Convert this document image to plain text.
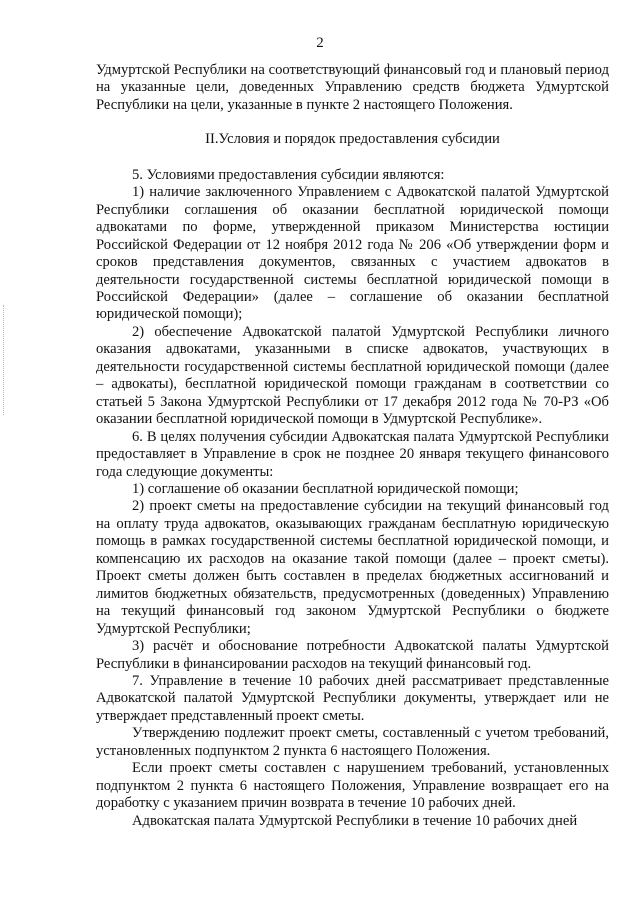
2

Удмуртской Республики на соответствующий финансовый год и плановый период на указанные цели, доведенных Управлению средств бюджета Удмуртской Республики на цели, указанные в пункте 2 настоящего Положения.

II.Условия и порядок предоставления субсидии

5. Условиями предоставления субсидии являются:

1) наличие заключенного Управлением с Адвокатской палатой Удмуртской Республики соглашения об оказании бесплатной юридической помощи адвокатами по форме, утвержденной приказом Министерства юстиции Российской Федерации от 12 ноября 2012 года № 206 «Об утверждении форм и сроков представления документов, связанных с участием адвокатов в деятельности государственной системы бесплатной юридической помощи в Российской Федерации» (далее – соглашение об оказании бесплатной юридической помощи);

2) обеспечение Адвокатской палатой Удмуртской Республики личного оказания адвокатами, указанными в списке адвокатов, участвующих в деятельности государственной системы бесплатной юридической помощи (далее – адвокаты), бесплатной юридической помощи гражданам в соответствии со статьей 5 Закона Удмуртской Республики от 17 декабря 2012 года № 70-РЗ «Об оказании бесплатной юридической помощи в Удмуртской Республике».

6. В целях получения субсидии Адвокатская палата Удмуртской Республики предоставляет в Управление в срок не позднее 20 января текущего финансового года следующие документы:

1) соглашение об оказании бесплатной юридической помощи;

2) проект сметы на предоставление субсидии на текущий финансовый год на оплату труда адвокатов, оказывающих гражданам бесплатную юридическую помощь в рамках государственной системы бесплатной юридической помощи, и компенсацию их расходов на оказание такой помощи (далее – проект сметы). Проект сметы должен быть составлен в пределах бюджетных ассигнований и лимитов бюджетных обязательств, предусмотренных (доведенных) Управлению на текущий финансовый год законом Удмуртской Республики о бюджете Удмуртской Республики;

3) расчёт и обоснование потребности Адвокатской палаты Удмуртской Республики в финансировании расходов на текущий финансовый год.

7. Управление в течение 10 рабочих дней рассматривает представленные Адвокатской палатой Удмуртской Республики документы, утверждает или не утверждает представленный проект сметы.

Утверждению подлежит проект сметы, составленный с учетом требований, установленных подпунктом 2 пункта 6 настоящего Положения.

Если проект сметы составлен с нарушением требований, установленных подпунктом 2 пункта 6 настоящего Положения, Управление возвращает его на доработку с указанием причин возврата в течение 10 рабочих дней.

Адвокатская палата Удмуртской Республики в течение 10 рабочих дней
